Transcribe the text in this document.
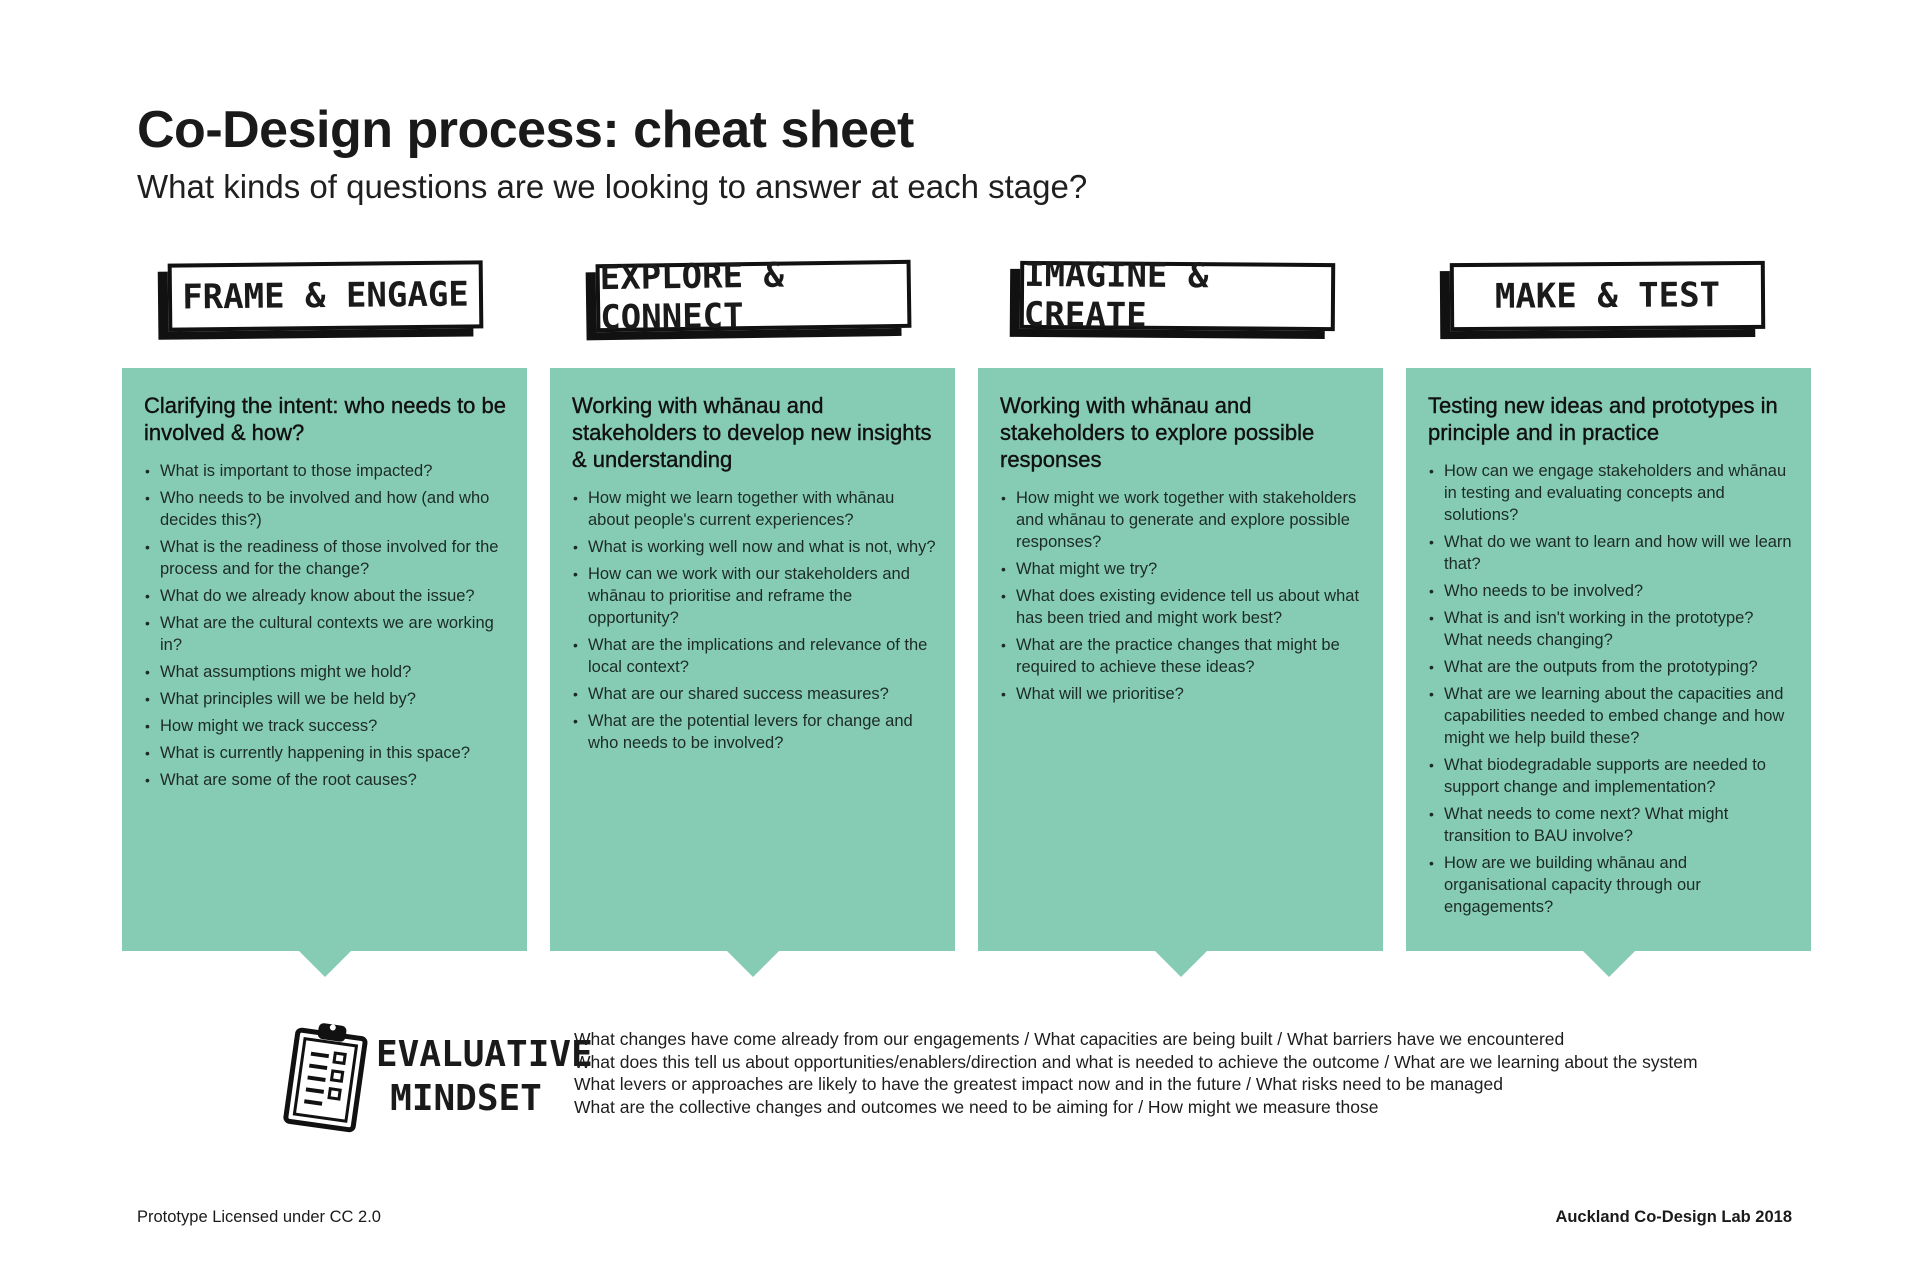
Co-Design process: cheat sheet

What kinds of questions are we looking to answer at each stage?

FRAME & ENGAGE	EXPLORE & CONNECT
IMAGINE & CREATE	MAKE & TEST
Clarifying the intent: who needs to be involved & how?
• What is important to those impacted?
• Who needs to be involved and how (and who decides this?)
• What is the readiness of those involved for the process and for the change?
• What do we already know about the issue?
• What are the cultural contexts we are working in?
• What assumptions might we hold?
• What principles will we be held by?
• How might we track success?
• What is currently happening in this space?
• What are some of the root causes?
Working with whānau and stakeholders to develop new insights & understanding
• How might we learn together with whānau about people's current experiences?
• What is working well now and what is not, why?
• How can we work with our stakeholders and whānau to prioritise and reframe the opportunity?
• What are the implications and relevance of the local context?
• What are our shared success measures?
• What are the potential levers for change and who needs to be involved?
Working with whānau and stakeholders to explore possible responses
• How might we work together with stakeholders and whānau to generate and explore possible responses?
• What might we try?
• What does existing evidence tell us about what has been tried and might work best?
• What are the practice changes that might be required to achieve these ideas?
• What will we prioritise?
Testing new ideas and prototypes in principle and in practice
• How can we engage stakeholders and whānau in testing and evaluating concepts and solutions?
• What do we want to learn and how will we learn that?
• Who needs to be involved?
• What is and isn't working in the prototype? What needs changing?
• What are the outputs from the prototyping?
• What are we learning about the capacities and capabilities needed to embed change and how might we help build these?
• What biodegradable supports are needed to support change and implementation?
• What needs to come next? What might transition to BAU involve?
• How are we building whānau and organisational capacity through our engagements?
EVALUATIVE
MINDSET
What changes have come already from our engagements / What capacities are being built / What barriers have we encountered
What does this tell us about opportunities/enablers/direction and what is needed to achieve the outcome / What are we learning about the system
What levers or approaches are likely to have the greatest impact now and in the future / What risks need to be managed
What are the collective changes and outcomes we need to be aiming for / How might we measure those
Prototype Licensed under CC 2.0	Auckland Co-Design Lab 2018
